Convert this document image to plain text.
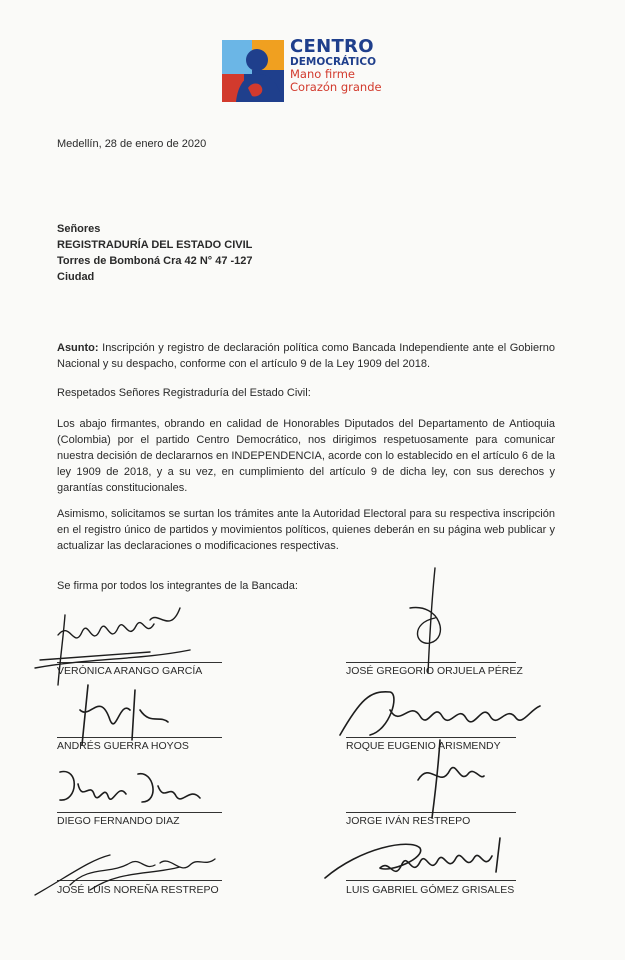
CENTRO
DEMOCRÁTICO
Mano firme
Corazón grande
Medellín, 28 de enero de 2020
Señores
REGISTRADURÍA DEL ESTADO CIVIL
Torres de Bomboná Cra 42 N° 47 -127
Ciudad
Asunto: Inscripción y registro de declaración política como Bancada Independiente ante el Gobierno Nacional y su despacho, conforme con el artículo 9 de la Ley 1909 del 2018.
Respetados Señores Registraduría del Estado Civil:
Los abajo firmantes, obrando en calidad de Honorables Diputados del Departamento de Antioquia (Colombia) por el partido Centro Democrático, nos dirigimos respetuosamente para comunicar nuestra decisión de declararnos en INDEPENDENCIA, acorde con lo establecido en el artículo 6 de la ley 1909 de 2018, y a su vez, en cumplimiento del artículo 9 de dicha ley, con sus derechos y garantías constitucionales.
Asimismo, solicitamos se surtan los trámites ante la Autoridad Electoral para su respectiva inscripción en el registro único de partidos y movimientos políticos, quienes deberán en su página web publicar y actualizar las declaraciones o modificaciones respectivas.
Se firma por todos los integrantes de la Bancada:
VERÓNICA ARANGO GARCÍA
ANDRÉS GUERRA HOYOS
DIEGO FERNANDO DIAZ
JOSÉ LUIS NOREÑA RESTREPO
JOSÉ GREGORIO ORJUELA PÉREZ
ROQUE EUGENIO ARISMENDY
JORGE IVÁN RESTREPO
LUIS GABRIEL GÓMEZ GRISALES
